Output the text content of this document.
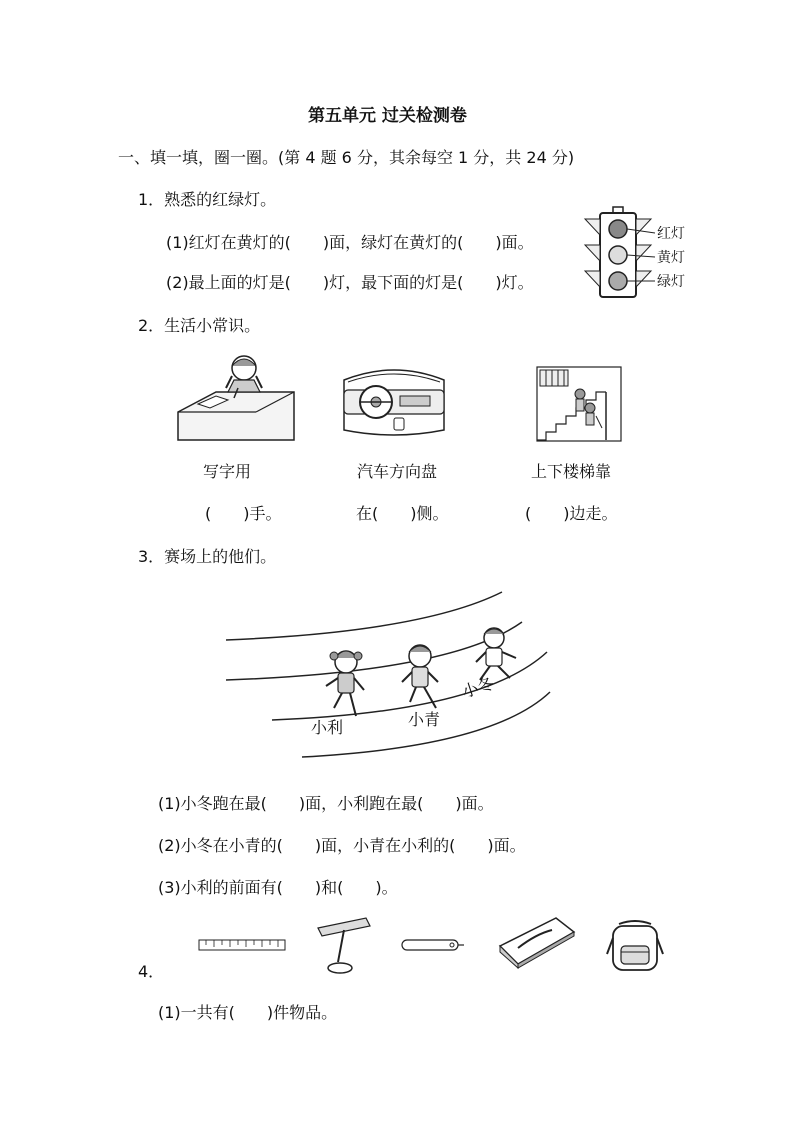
第五单元 过关检测卷
一、填一填，圈一圈。(第 4 题 6 分，其余每空 1 分，共 24 分)
1．熟悉的红绿灯。
(1)红灯在黄灯的(　　)面，绿灯在黄灯的(　　)面。
(2)最上面的灯是(　　)灯，最下面的灯是(　　)灯。
红灯
黄灯
绿灯
2．生活小常识。
写字用	汽车方向盘	上下楼梯靠
(　　)手。	在(　　)侧。	(　　)边走。
3．赛场上的他们。
小利	小青
小冬
(1)小冬跑在最(　　)面，小利跑在最(　　)面。
(2)小冬在小青的(　　)面，小青在小利的(　　)面。
(3)小利的前面有(　　)和(　　)。
4．
(1)一共有(　　)件物品。
